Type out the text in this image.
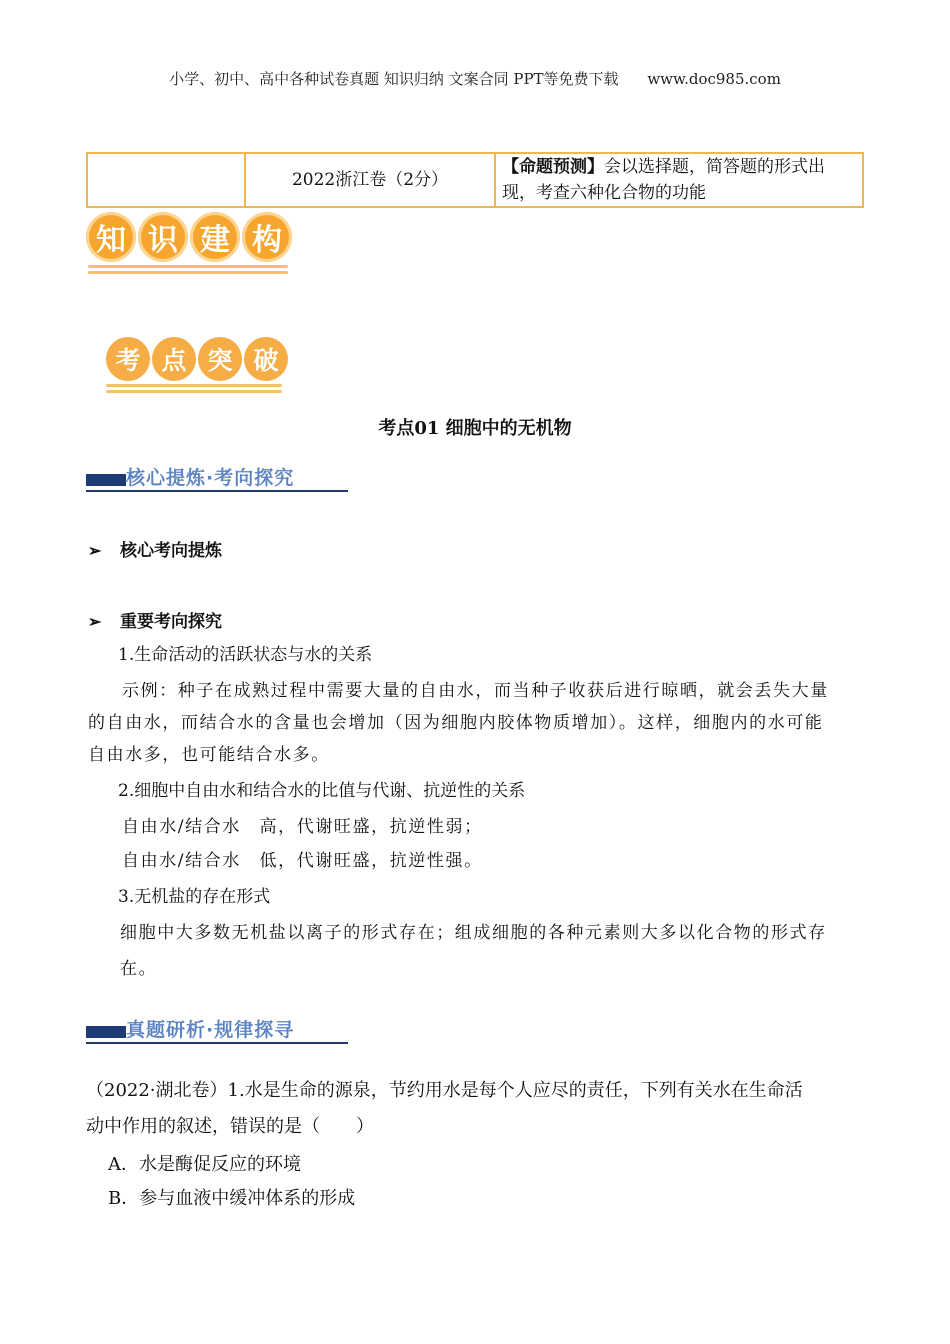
小学、初中、高中各种试卷真题 知识归纳 文案合同 PPT等免费下载 www.doc985.com
	2022浙江卷（2分）	【命题预测】会以选择题，简答题的形式出现，考查六种化合物的功能
知 识 建 构
考 点 突 破
考点01 细胞中的无机物
核心提炼·考向探究
➢ 核心考向提炼
➢ 重要考向探究
1.生命活动的活跃状态与水的关系
示例：种子在成熟过程中需要大量的自由水，而当种子收获后进行晾晒，就会丢失大量
的自由水，而结合水的含量也会增加（因为细胞内胶体物质增加）。这样，细胞内的水可能
自由水多，也可能结合水多。
2.细胞中自由水和结合水的比值与代谢、抗逆性的关系
自由水/结合水　高，代谢旺盛，抗逆性弱；
自由水/结合水　低，代谢旺盛，抗逆性强。
3.无机盐的存在形式
细胞中大多数无机盐以离子的形式存在；组成细胞的各种元素则大多以化合物的形式存
在。
真题研析·规律探寻
（2022·湖北卷）1.水是生命的源泉，节约用水是每个人应尽的责任，下列有关水在生命活
动中作用的叙述，错误的是（　　）
A．水是酶促反应的环境
B．参与血液中缓冲体系的形成
